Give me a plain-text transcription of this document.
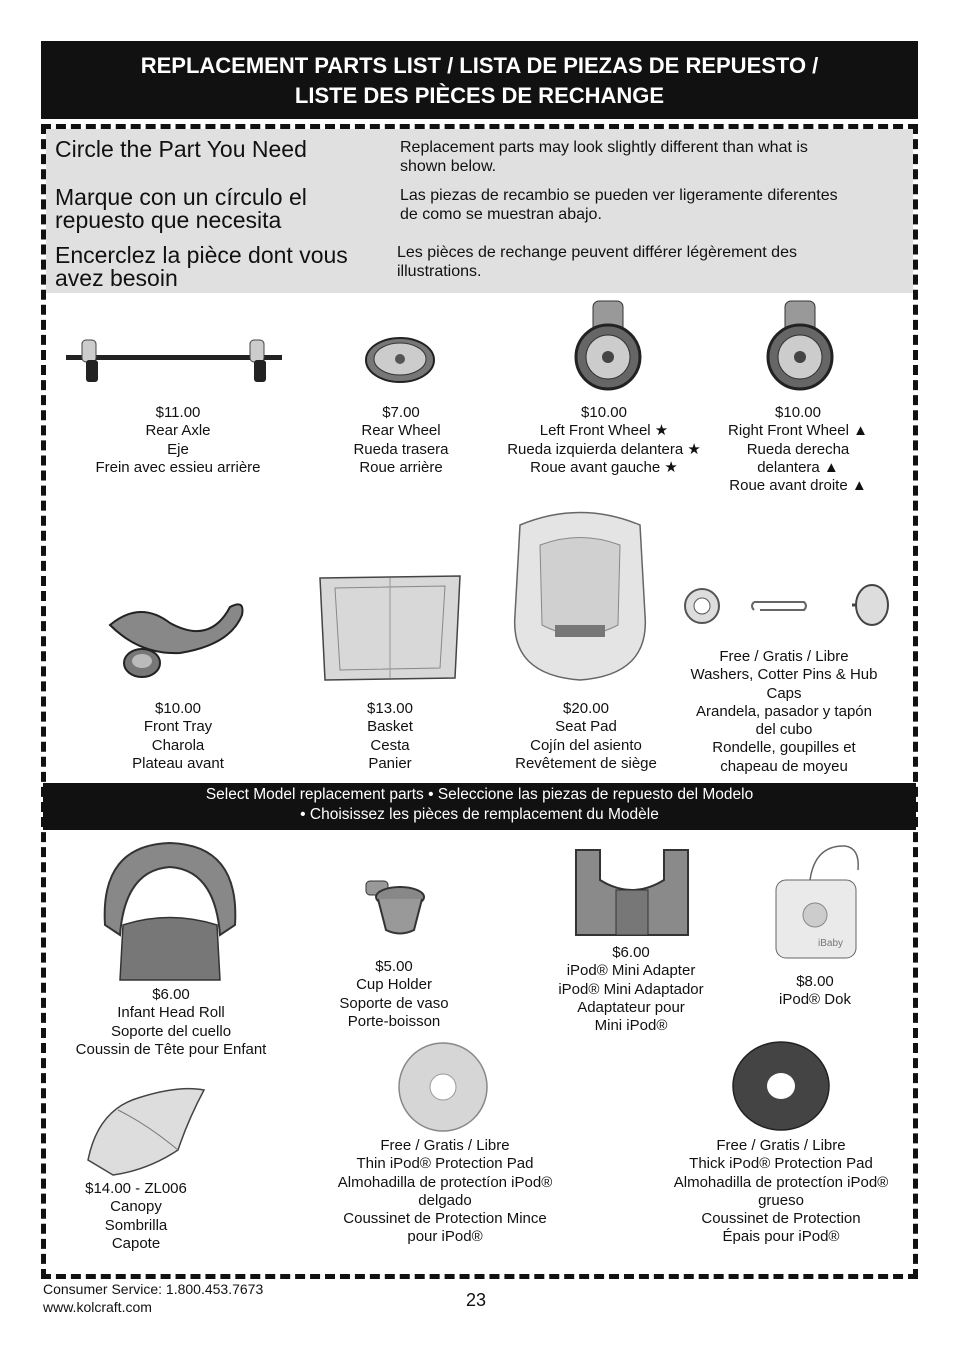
REPLACEMENT PARTS LIST / LISTA DE PIEZAS DE REPUESTO /
LISTE DES PIÈCES DE RECHANGE
Circle the Part You Need
Marque con un círculo el
repuesto que necesita
Encerclez la pièce dont vous
avez besoin
Replacement parts may look slightly different than what is
shown below.
Las piezas de recambio se pueden ver ligeramente diferentes
de como se muestran abajo.
Les pièces de rechange peuvent différer légèrement des
illustrations.
$11.00
Rear Axle
Eje
Frein avec essieu arrière
$7.00
Rear Wheel
Rueda trasera
Roue arrière
$10.00
Left Front Wheel ★
Rueda izquierda delantera ★
Roue avant gauche ★
$10.00
Right Front Wheel ▲
Rueda derecha
delantera ▲
Roue avant droite ▲
$10.00
Front Tray
Charola
Plateau avant
$13.00
Basket
Cesta
Panier
$20.00
Seat Pad
Cojín del asiento
Revêtement de siège
Free / Gratis / Libre
Washers, Cotter Pins & Hub
Caps
Arandela, pasador y tapón
del cubo
Rondelle, goupilles et
chapeau de moyeu
Select Model replacement parts • Seleccione las piezas de repuesto del Modelo
• Choisissez les pièces de remplacement du Modèle
iBaby
$6.00
Infant Head Roll
Soporte del cuello
Coussin de Tête pour Enfant
$5.00
Cup Holder
Soporte de vaso
Porte-boisson
$6.00
iPod® Mini Adapter
iPod® Mini Adaptador
Adaptateur pour
Mini iPod®
$8.00
iPod® Dok
$14.00 - ZL006
Canopy
Sombrilla
Capote
Free / Gratis / Libre
Thin iPod® Protection Pad
Almohadilla de protectíon iPod®
delgado
Coussinet de Protection Mince
pour iPod®
Free / Gratis / Libre
Thick iPod® Protection Pad
Almohadilla de protectíon iPod®
grueso
Coussinet de Protection
Épais pour iPod®
Consumer Service: 1.800.453.7673
www.kolcraft.com	23
